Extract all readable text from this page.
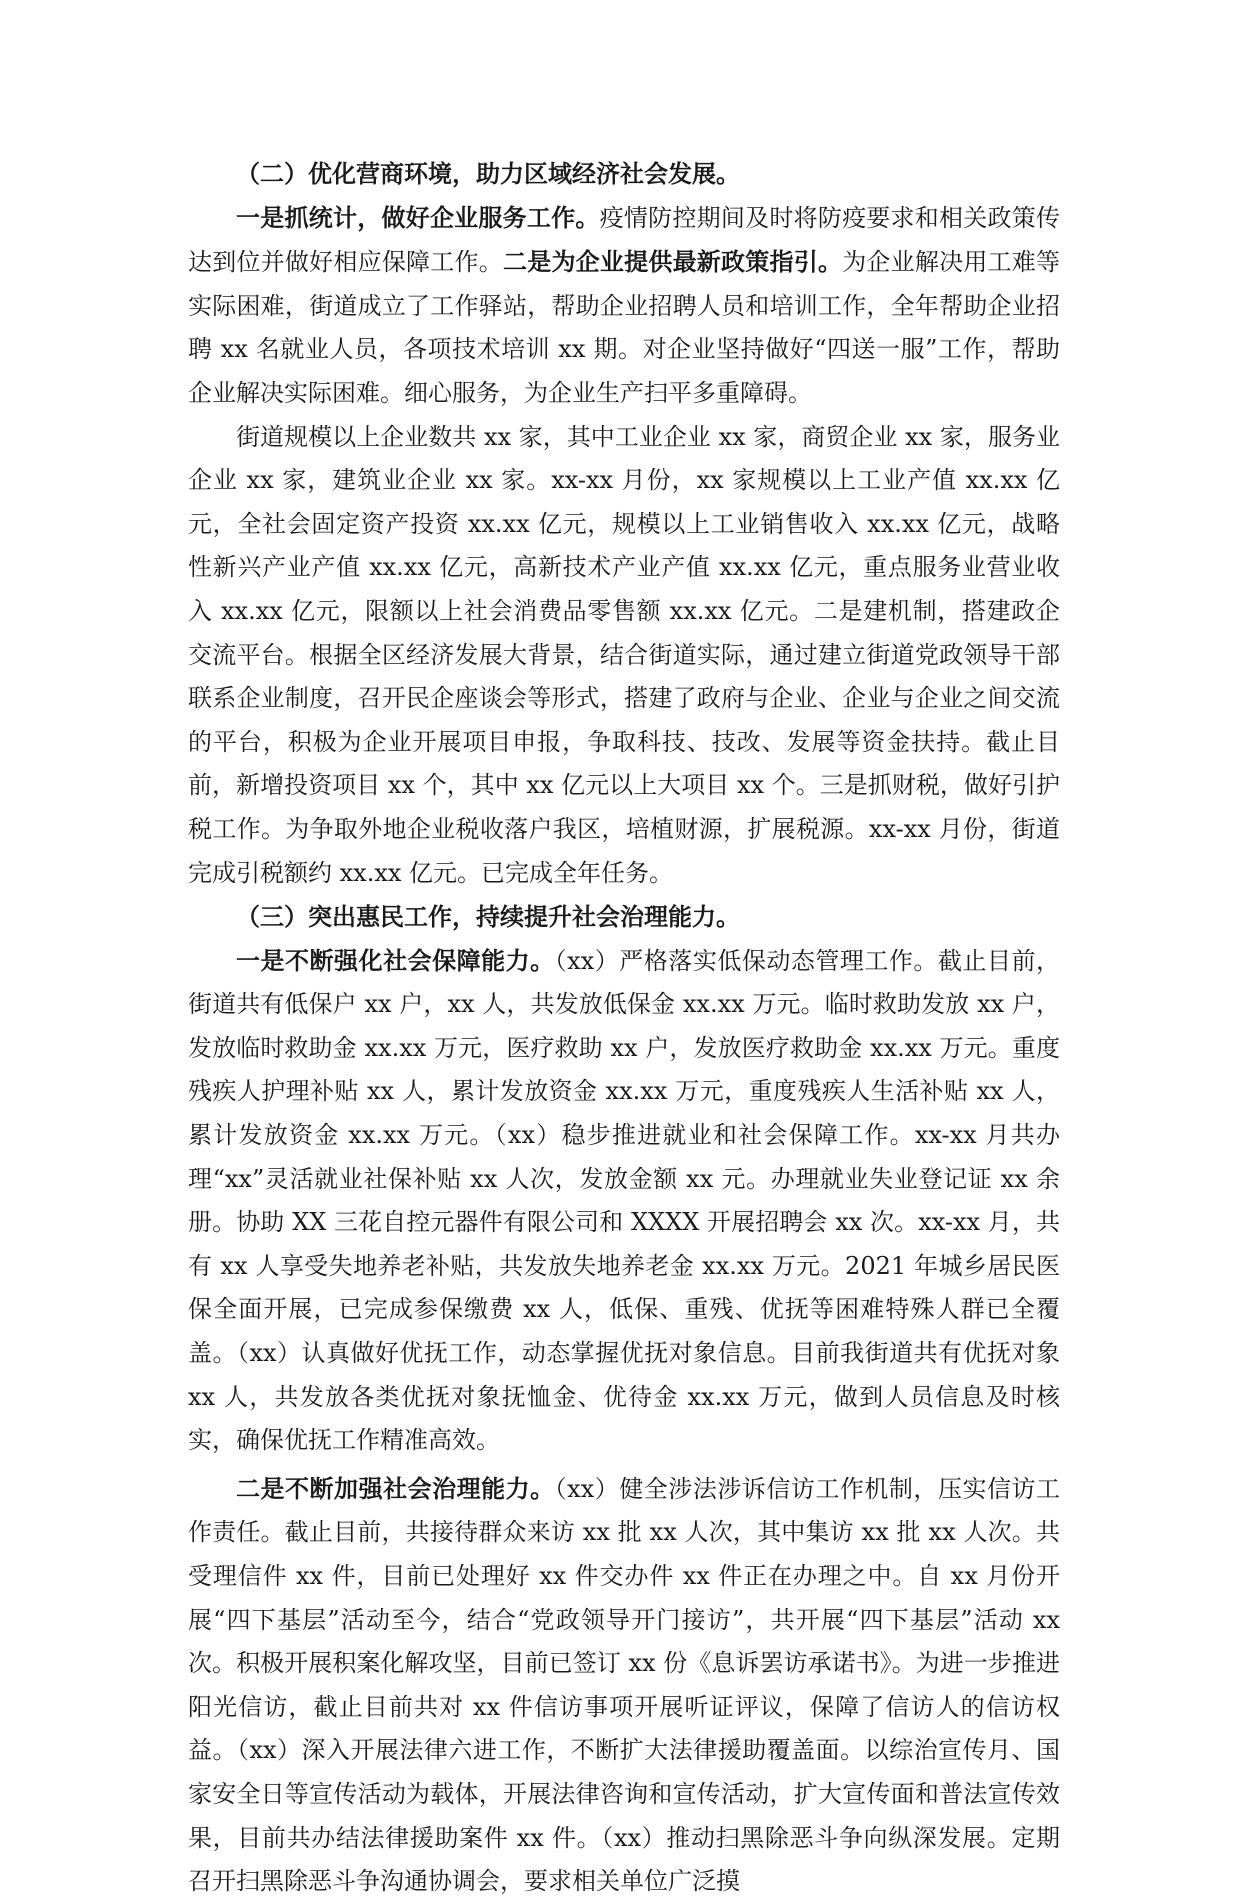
（二）优化营商环境，助力区域经济社会发展。

一是抓统计，做好企业服务工作。疫情防控期间及时将防疫要求和相关政策传达到位并做好相应保障工作。二是为企业提供最新政策指引。为企业解决用工难等实际困难，街道成立了工作驿站，帮助企业招聘人员和培训工作，全年帮助企业招聘 xx 名就业人员，各项技术培训 xx 期。对企业坚持做好“四送一服”工作，帮助企业解决实际困难。细心服务，为企业生产扫平多重障碍。

街道规模以上企业数共 xx 家，其中工业企业 xx 家，商贸企业 xx 家，服务业企业 xx 家，建筑业企业 xx 家。xx-xx 月份，xx 家规模以上工业产值 xx.xx 亿元，全社会固定资产投资 xx.xx 亿元，规模以上工业销售收入 xx.xx 亿元，战略性新兴产业产值 xx.xx 亿元，高新技术产业产值 xx.xx 亿元，重点服务业营业收入 xx.xx 亿元，限额以上社会消费品零售额 xx.xx 亿元。二是建机制，搭建政企交流平台。根据全区经济发展大背景，结合街道实际，通过建立街道党政领导干部联系企业制度，召开民企座谈会等形式，搭建了政府与企业、企业与企业之间交流的平台，积极为企业开展项目申报，争取科技、技改、发展等资金扶持。截止目前，新增投资项目 xx 个，其中 xx 亿元以上大项目 xx 个。三是抓财税，做好引护税工作。为争取外地企业税收落户我区，培植财源，扩展税源。xx-xx 月份，街道完成引税额约 xx.xx 亿元。已完成全年任务。

（三）突出惠民工作，持续提升社会治理能力。

一是不断强化社会保障能力。（xx）严格落实低保动态管理工作。截止目前，街道共有低保户 xx 户，xx 人，共发放低保金 xx.xx 万元。临时救助发放 xx 户，发放临时救助金 xx.xx 万元，医疗救助 xx 户，发放医疗救助金 xx.xx 万元。重度残疾人护理补贴 xx 人，累计发放资金 xx.xx 万元，重度残疾人生活补贴 xx 人，累计发放资金 xx.xx 万元。（xx）稳步推进就业和社会保障工作。xx-xx 月共办理“xx”灵活就业社保补贴 xx 人次，发放金额 xx 元。办理就业失业登记证 xx 余册。协助 XX 三花自控元器件有限公司和 XXXX 开展招聘会 xx 次。xx-xx 月，共有 xx 人享受失地养老补贴，共发放失地养老金 xx.xx 万元。2021 年城乡居民医保全面开展，已完成参保缴费 xx 人，低保、重残、优抚等困难特殊人群已全覆盖。（xx）认真做好优抚工作，动态掌握优抚对象信息。目前我街道共有优抚对象 xx 人，共发放各类优抚对象抚恤金、优待金 xx.xx 万元，做到人员信息及时核实，确保优抚工作精准高效。

二是不断加强社会治理能力。（xx）健全涉法涉诉信访工作机制，压实信访工作责任。截止目前，共接待群众来访 xx 批 xx 人次，其中集访 xx 批 xx 人次。共受理信件 xx 件，目前已处理好 xx 件交办件 xx 件正在办理之中。自 xx 月份开展“四下基层”活动至今，结合“党政领导开门接访”，共开展“四下基层”活动 xx 次。积极开展积案化解攻坚，目前已签订 xx 份《息诉罢访承诺书》。为进一步推进阳光信访，截止目前共对 xx 件信访事项开展听证评议，保障了信访人的信访权益。（xx）深入开展法律六进工作，不断扩大法律援助覆盖面。以综治宣传月、国家安全日等宣传活动为载体，开展法律咨询和宣传活动，扩大宣传面和普法宣传效果，目前共办结法律援助案件 xx 件。（xx）推动扫黑除恶斗争向纵深发展。定期召开扫黑除恶斗争沟通协调会，要求相关单位广泛摸
